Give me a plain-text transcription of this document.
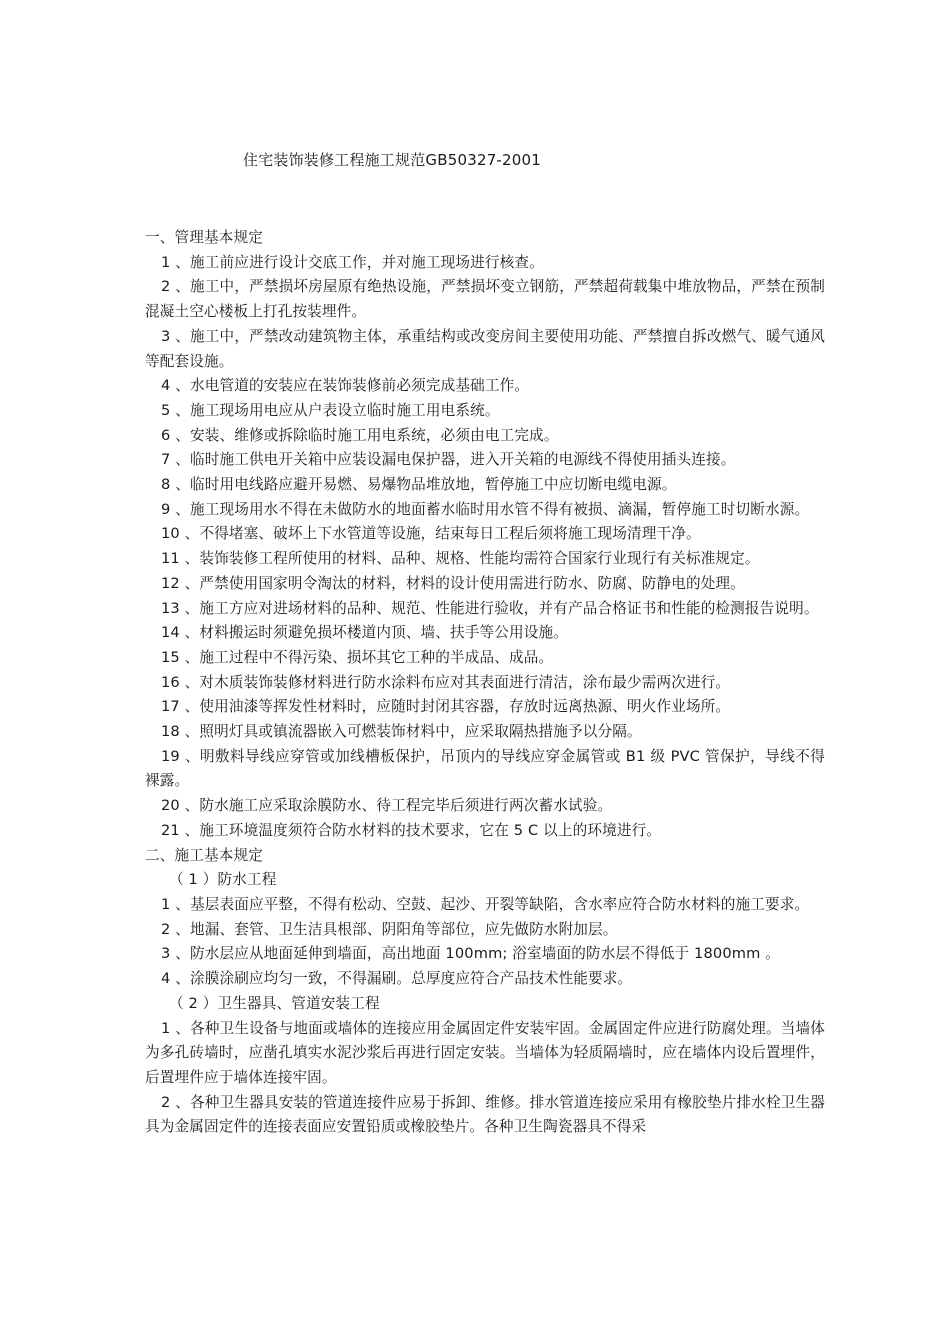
住宅装饰装修工程施工规范GB50327-2001

一、管理基本规定

1 、施工前应进行设计交底工作，并对施工现场进行核查。

2 、施工中，严禁损坏房屋原有绝热设施，严禁损坏变立钢筋，严禁超荷载集中堆放物品，严禁在预制混凝土空心楼板上打孔按装埋件。

3 、施工中，严禁改动建筑物主体，承重结构或改变房间主要使用功能、严禁擅自拆改燃气、暖气通风等配套设施。

4 、水电管道的安装应在装饰装修前必须完成基础工作。

5 、施工现场用电应从户表设立临时施工用电系统。

6 、安装、维修或拆除临时施工用电系统，必须由电工完成。

7 、临时施工供电开关箱中应装设漏电保护器，进入开关箱的电源线不得使用插头连接。

8 、临时用电线路应避开易燃、易爆物品堆放地，暂停施工中应切断电缆电源。

9 、施工现场用水不得在未做防水的地面蓄水临时用水管不得有被损、滴漏，暂停施工时切断水源。

10 、不得堵塞、破坏上下水管道等设施，结束每日工程后须将施工现场清理干净。

11 、装饰装修工程所使用的材料、品种、规格、性能均需符合国家行业现行有关标准规定。

12 、严禁使用国家明令淘汰的材料，材料的设计使用需进行防水、防腐、防静电的处理。

13 、施工方应对进场材料的品种、规范、性能进行验收，并有产品合格证书和性能的检测报告说明。

14 、材料搬运时须避免损坏楼道内顶、墙、扶手等公用设施。

15 、施工过程中不得污染、损坏其它工种的半成品、成品。

16 、对木质装饰装修材料进行防水涂料布应对其表面进行清洁，涂布最少需两次进行。

17 、使用油漆等挥发性材料时，应随时封闭其容器，存放时远离热源、明火作业场所。

18 、照明灯具或镇流器嵌入可燃装饰材料中，应采取隔热措施予以分隔。

19 、明敷料导线应穿管或加线槽板保护，吊顶内的导线应穿金属管或 B1 级 PVC 管保护，导线不得裸露。

20 、防水施工应采取涂膜防水、待工程完毕后须进行两次蓄水试验。

21 、施工环境温度须符合防水材料的技术要求，它在 5 C 以上的环境进行。

二、施工基本规定

（ 1 ）防水工程

1 、基层表面应平整，不得有松动、空鼓、起沙、开裂等缺陷，含水率应符合防水材料的施工要求。

2 、地漏、套管、卫生洁具根部、阴阳角等部位，应先做防水附加层。

3 、防水层应从地面延伸到墙面，高出地面 100mm; 浴室墙面的防水层不得低于 1800mm 。

4 、涂膜涂刷应均匀一致，不得漏刷。总厚度应符合产品技术性能要求。

（ 2 ）卫生器具、管道安装工程

1 、各种卫生设备与地面或墙体的连接应用金属固定件安装牢固。金属固定件应进行防腐处理。当墙体为多孔砖墙时，应凿孔填实水泥沙浆后再进行固定安装。当墙体为轻质隔墙时，应在墙体内设后置埋件，后置埋件应于墙体连接牢固。

2 、各种卫生器具安装的管道连接件应易于拆卸、维修。排水管道连接应采用有橡胶垫片排水栓卫生器具为金属固定件的连接表面应安置铅质或橡胶垫片。各种卫生陶瓷器具不得采
